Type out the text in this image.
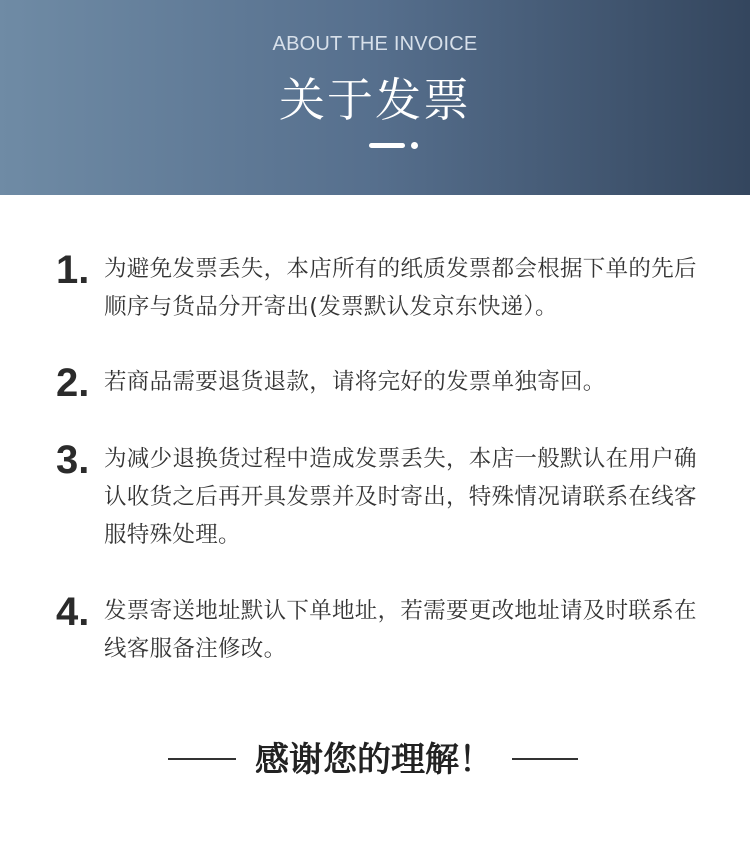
ABOUT THE INVOICE
关于发票
1. 为避免发票丢失，本店所有的纸质发票都会根据下单的先后顺序与货品分开寄出(发票默认发京东快递）。
2. 若商品需要退货退款，请将完好的发票单独寄回。
3. 为减少退换货过程中造成发票丢失，本店一般默认在用户确认收货之后再开具发票并及时寄出，特殊情况请联系在线客服特殊处理。
4. 发票寄送地址默认下单地址，若需要更改地址请及时联系在线客服备注修改。
感谢您的理解！
